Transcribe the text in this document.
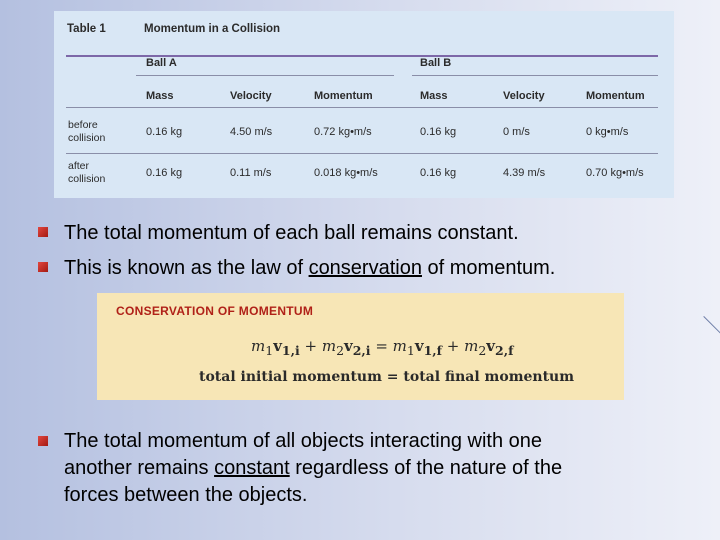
Table 1	Momentum in a Collision
Ball A	Ball B
Mass	Velocity	Momentum	Mass	Velocity	Momentum
before
collision	0.16 kg	4.50 m/s	0.72 kg•m/s	0.16 kg	0 m/s	0 kg•m/s
after
collision	0.16 kg	0.11 m/s	0.018 kg•m/s	0.16 kg	4.39 m/s	0.70 kg•m/s
The total momentum of each ball remains constant.
This is known as the law of conservation of momentum.
CONSERVATION OF MOMENTUM
$m_1v_{1,i} + m_2v_{2,i} = m_1v_{1,f} + m_2v_{2,f}$
total initial momentum = total final momentum
The total momentum of all objects interacting with one
another remains constant regardless of the nature of the
forces between the objects.
